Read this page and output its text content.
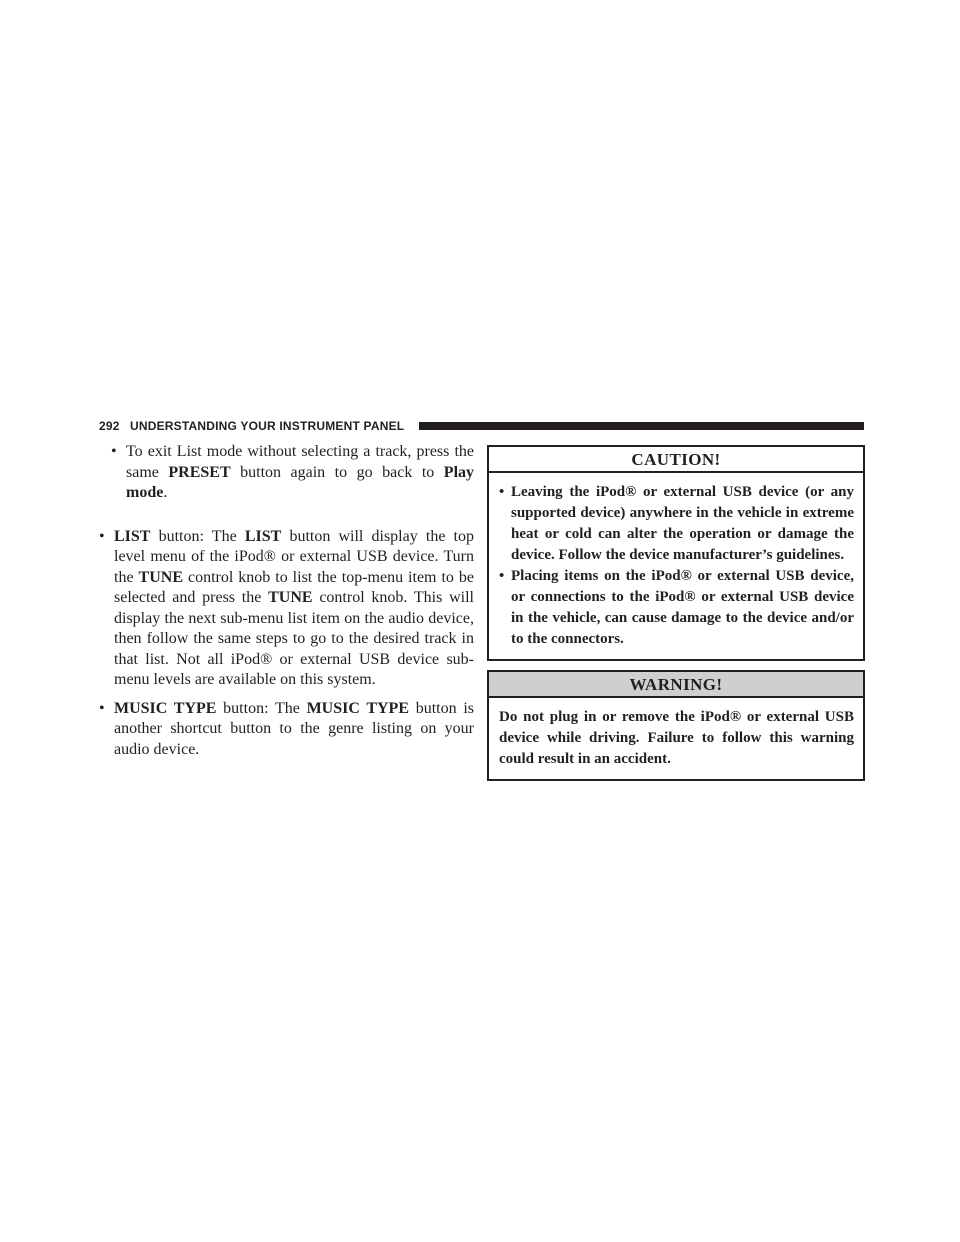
292 UNDERSTANDING YOUR INSTRUMENT PANEL
• To exit List mode without selecting a track, press the same PRESET button again to go back to Play mode.
• LIST button: The LIST button will display the top level menu of the iPod® or external USB device. Turn the TUNE control knob to list the top-menu item to be selected and press the TUNE control knob. This will display the next sub-menu list item on the audio device, then follow the same steps to go to the desired track in that list. Not all iPod® or external USB device sub-menu levels are available on this system.
• MUSIC TYPE button: The MUSIC TYPE button is another shortcut button to the genre listing on your audio device.
CAUTION!
• Leaving the iPod® or external USB device (or any supported device) anywhere in the vehicle in extreme heat or cold can alter the operation or damage the device. Follow the device manufacturer’s guidelines.
• Placing items on the iPod® or external USB device, or connections to the iPod® or external USB device in the vehicle, can cause damage to the device and/or to the connectors.
WARNING!
Do not plug in or remove the iPod® or external USB device while driving. Failure to follow this warning could result in an accident.
